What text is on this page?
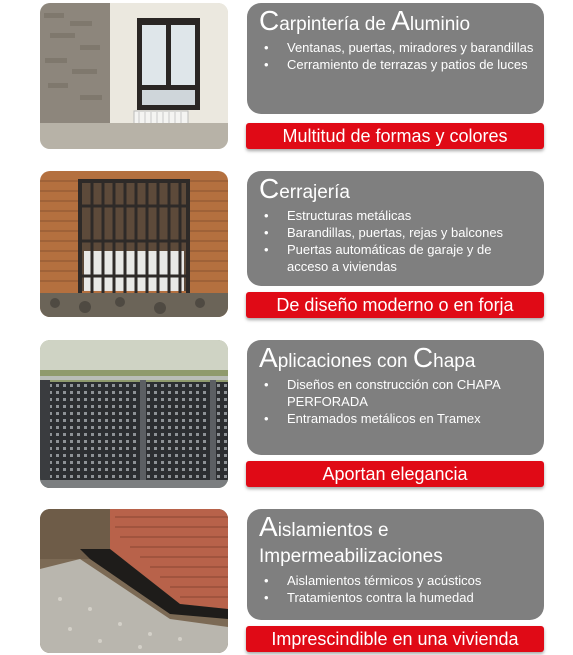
Carpintería de Aluminio
• Ventanas, puertas, miradores y barandillas
• Cerramiento de terrazas y patios de luces
Multitud de formas y colores
Cerrajería
• Estructuras metálicas
• Barandillas, puertas, rejas y balcones
• Puertas automáticas de garaje y de acceso a viviendas
De diseño moderno o en forja
Aplicaciones con Chapa
• Diseños en construcción con CHAPA PERFORADA
• Entramados metálicos en Tramex
Aportan elegancia
Aislamientos e
Impermeabilizaciones
• Aislamientos térmicos y acústicos
• Tratamientos contra la humedad
Imprescindible en una vivienda
